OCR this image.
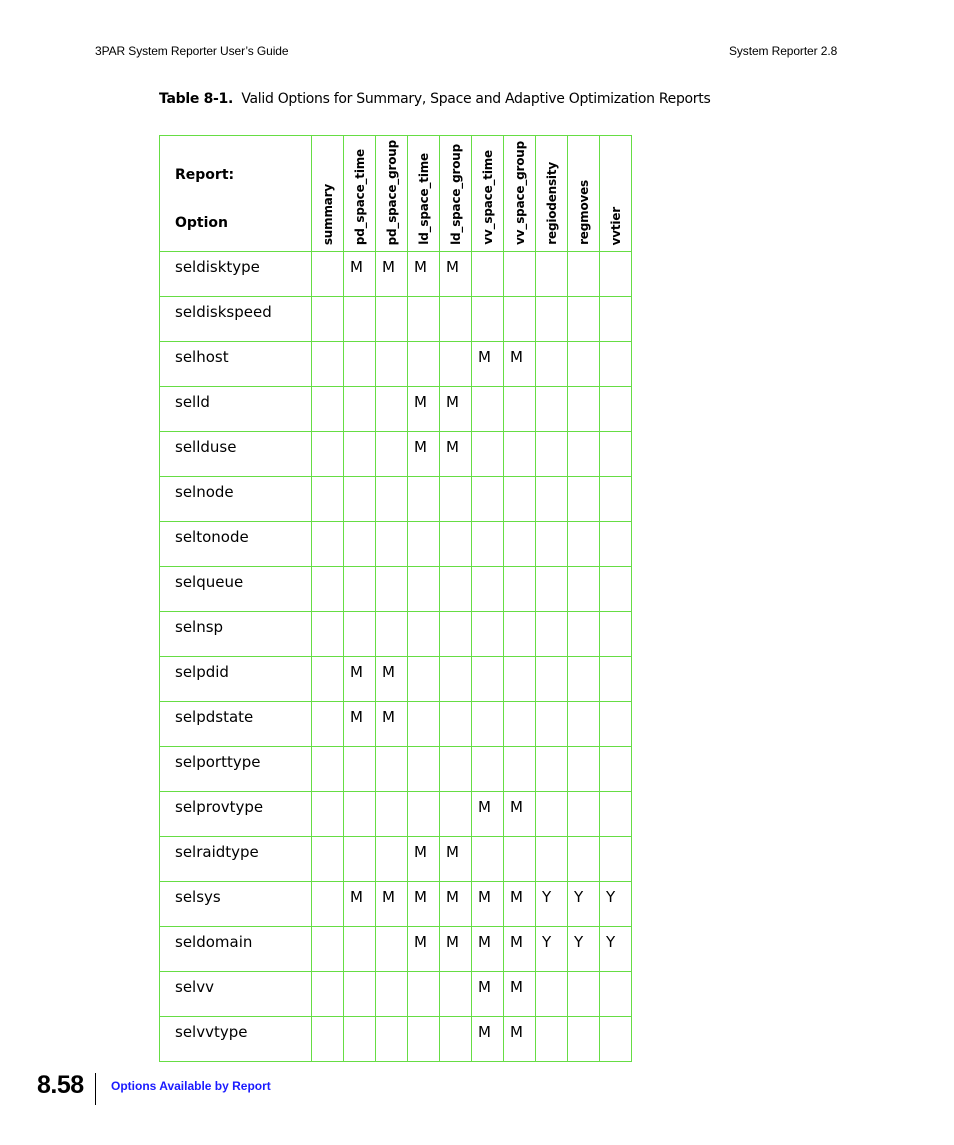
3PAR System Reporter User’s Guide	System Reporter 2.8
Table 8-1. Valid Options for Summary, Space and Adaptive Optimization Reports
Report:
Option	summary	pd_space_time	pd_space_group	ld_space_time	ld_space_group	vv_space_time	vv_space_group	regiodensity	regmoves	vvtier

seldisktype		M	M	M	M					
seldiskspeed										
selhost						M	M			
selld				M	M					
sellduse				M	M					
selnode										
seltonode										
selqueue										
selnsp										
selpdid		M	M							
selpdstate		M	M							
selporttype										
selprovtype						M	M			
selraidtype				M	M					
selsys		M	M	M	M	M	M	Y	Y	Y
seldomain				M	M	M	M	Y	Y	Y
selvv						M	M			
selvvtype						M	M			
8.58 Options Available by Report
